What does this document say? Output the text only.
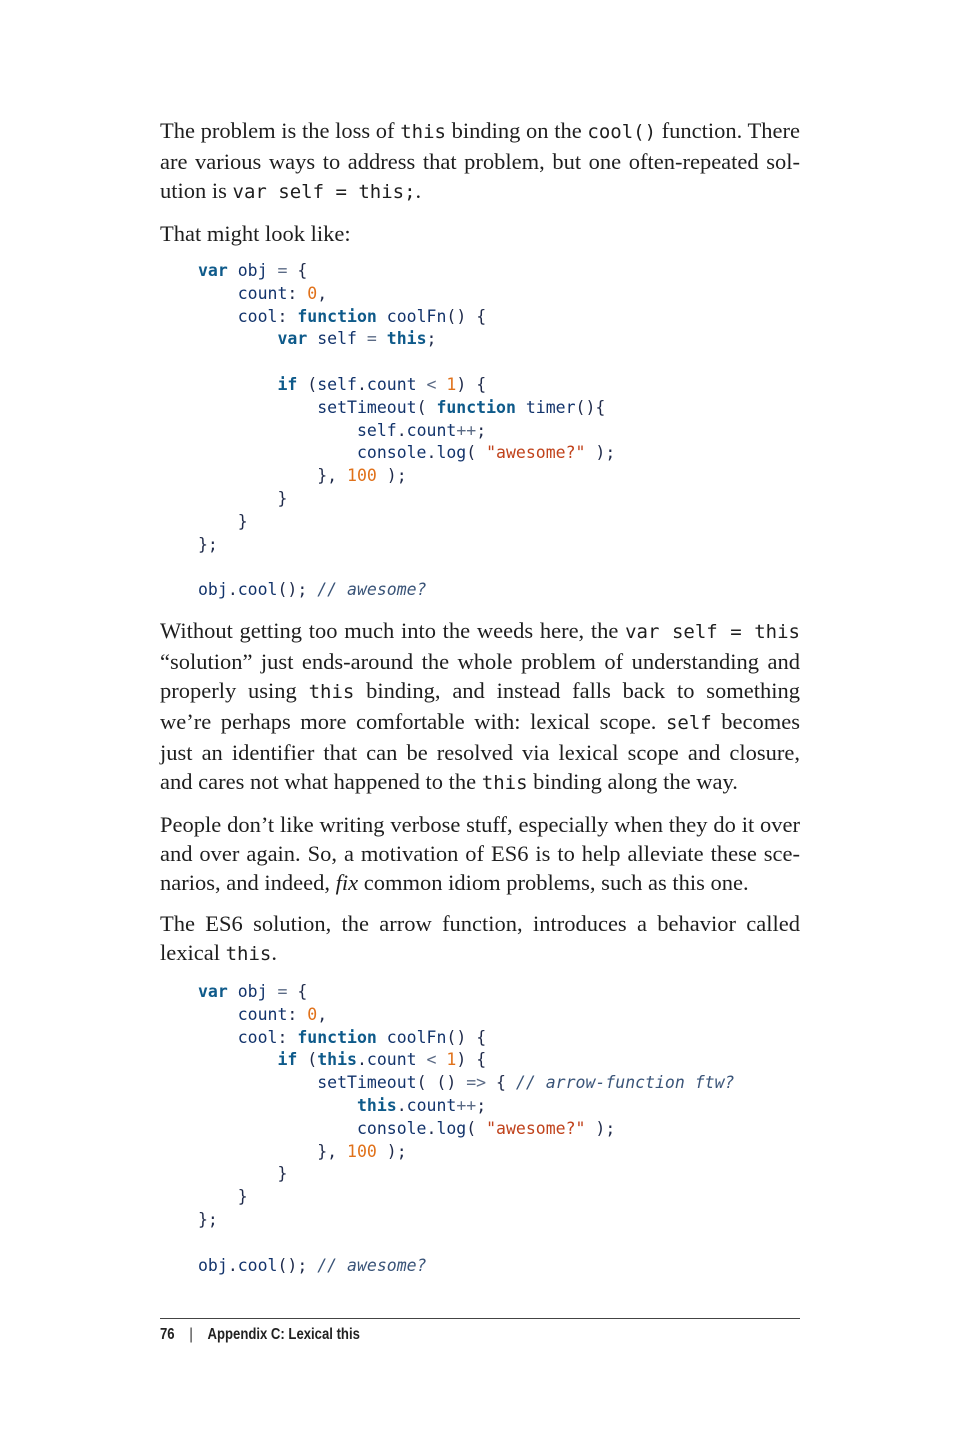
The problem is the loss of this binding on the cool() function. There are various ways to address that problem, but one often-repeated solution is var self = this;.

That might look like:

var obj = {
count: 0,
cool: function coolFn() {
var self = this;
if (self.count < 1) {
setTimeout( function timer(){
self.count++;
console.log( "awesome?" );
}, 100 );
}
}
};
obj.cool(); // awesome?

Without getting too much into the weeds here, the var self = this “solution” just ends-around the whole problem of understanding and properly using this binding, and instead falls back to something we’re perhaps more comfortable with: lexical scope. self becomes just an identifier that can be resolved via lexical scope and closure, and cares not what happened to the this binding along the way.

People don’t like writing verbose stuff, especially when they do it over and over again. So, a motivation of ES6 is to help alleviate these scenarios, and indeed, fix common idiom problems, such as this one.

The ES6 solution, the arrow function, introduces a behavior called lexical this.

var obj = {
count: 0,
cool: function coolFn() {
if (this.count < 1) {
setTimeout( () => { // arrow-function ftw?
this.count++;
console.log( "awesome?" );
}, 100 );
}
}
};
obj.cool(); // awesome?
76 | Appendix C: Lexical this
